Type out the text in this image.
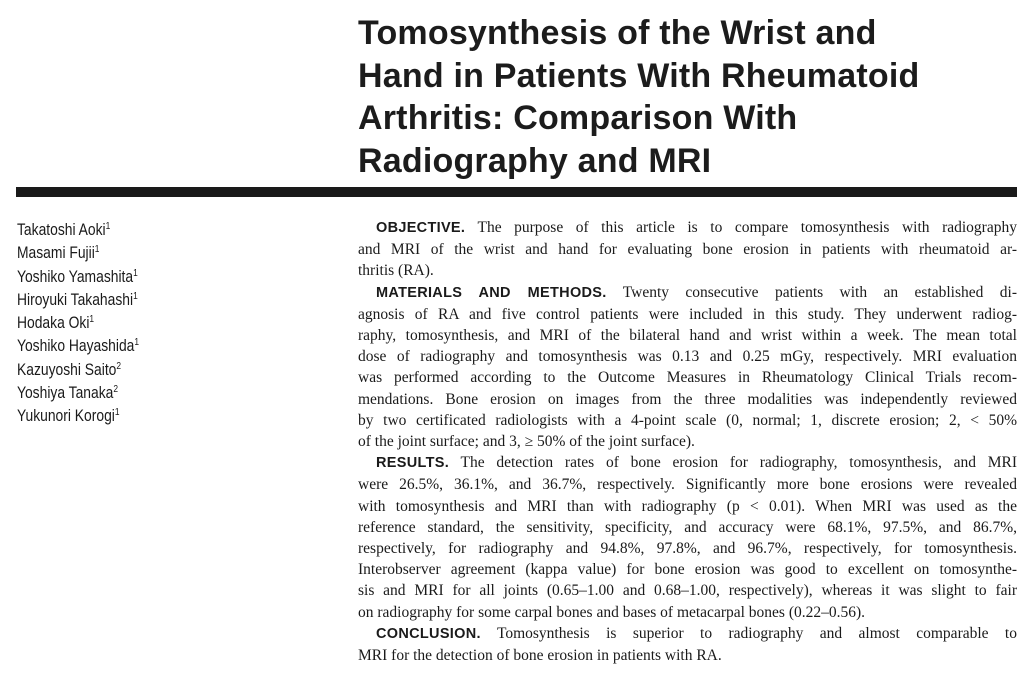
Tomosynthesis of the Wrist and
Hand in Patients With Rheumatoid
Arthritis: Comparison With
Radiography and MRI
Takatoshi Aoki$^1$
Masami Fujii$^1$
Yoshiko Yamashita$^1$
Hiroyuki Takahashi$^1$
Hodaka Oki$^1$
Yoshiko Hayashida$^1$
Kazuyoshi Saito$^2$
Yoshiya Tanaka$^2$
Yukunori Korogi$^1$
OBJECTIVE. The purpose of this article is to compare tomosynthesis with radiography
and MRI of the wrist and hand for evaluating bone erosion in patients with rheumatoid ar-
thritis (RA).
MATERIALS AND METHODS. Twenty consecutive patients with an established di-
agnosis of RA and five control patients were included in this study. They underwent radiog-
raphy, tomosynthesis, and MRI of the bilateral hand and wrist within a week. The mean total
dose of radiography and tomosynthesis was 0.13 and 0.25 mGy, respectively. MRI evaluation
was performed according to the Outcome Measures in Rheumatology Clinical Trials recom-
mendations. Bone erosion on images from the three modalities was independently reviewed
by two certificated radiologists with a 4-point scale (0, normal; 1, discrete erosion; 2, < 50%
of the joint surface; and 3, ≥ 50% of the joint surface).
RESULTS. The detection rates of bone erosion for radiography, tomosynthesis, and MRI
were 26.5%, 36.1%, and 36.7%, respectively. Significantly more bone erosions were revealed
with tomosynthesis and MRI than with radiography (p < 0.01). When MRI was used as the
reference standard, the sensitivity, specificity, and accuracy were 68.1%, 97.5%, and 86.7%,
respectively, for radiography and 94.8%, 97.8%, and 96.7%, respectively, for tomosynthesis.
Interobserver agreement (kappa value) for bone erosion was good to excellent on tomosynthe-
sis and MRI for all joints (0.65–1.00 and 0.68–1.00, respectively), whereas it was slight to fair
on radiography for some carpal bones and bases of metacarpal bones (0.22–0.56).
CONCLUSION. Tomosynthesis is superior to radiography and almost comparable to
MRI for the detection of bone erosion in patients with RA.
